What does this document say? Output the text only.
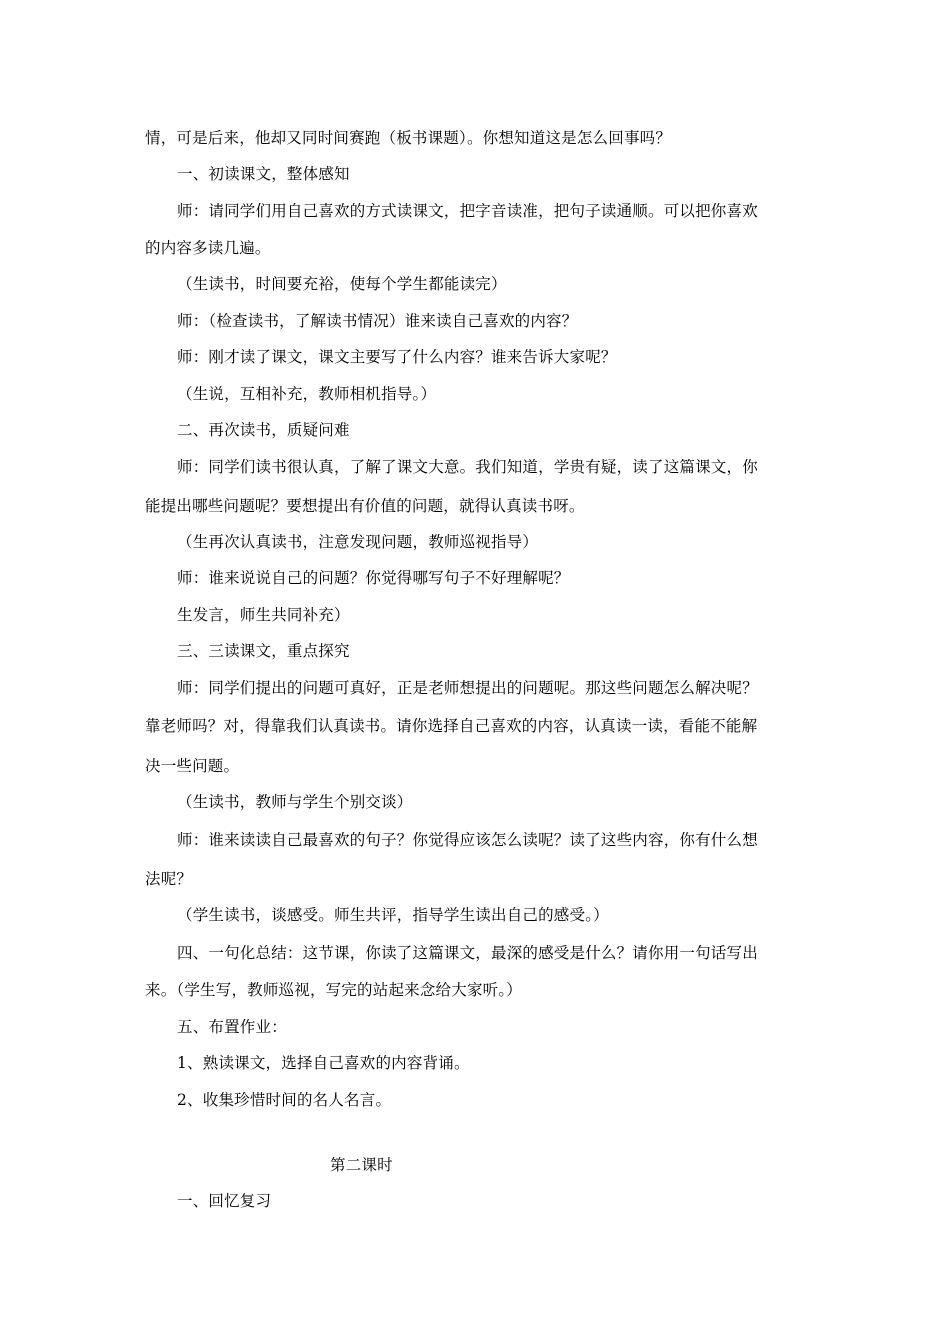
情，可是后来，他却又同时间赛跑（板书课题）。你想知道这是怎么回事吗？
一、初读课文，整体感知
师：请同学们用自己喜欢的方式读课文，把字音读准，把句子读通顺。可以把你喜欢
的内容多读几遍。
（生读书，时间要充裕，使每个学生都能读完）
师：（检查读书，了解读书情况）谁来读自己喜欢的内容？
师：刚才读了课文，课文主要写了什么内容？谁来告诉大家呢？
（生说，互相补充，教师相机指导。）
二、再次读书，质疑问难
师：同学们读书很认真，了解了课文大意。我们知道，学贵有疑，读了这篇课文，你
能提出哪些问题呢？要想提出有价值的问题，就得认真读书呀。
（生再次认真读书，注意发现问题，教师巡视指导）
师：谁来说说自己的问题？你觉得哪写句子不好理解呢？
生发言，师生共同补充）
三、三读课文，重点探究
师：同学们提出的问题可真好，正是老师想提出的问题呢。那这些问题怎么解决呢？
靠老师吗？对，得靠我们认真读书。请你选择自己喜欢的内容，认真读一读，看能不能解
决一些问题。
（生读书，教师与学生个别交谈）
师：谁来读读自己最喜欢的句子？你觉得应该怎么读呢？读了这些内容，你有什么想
法呢？
（学生读书，谈感受。师生共评，指导学生读出自己的感受。）
四、一句化总结：这节课，你读了这篇课文，最深的感受是什么？请你用一句话写出
来。（学生写，教师巡视，写完的站起来念给大家听。）
五、布置作业：
1、熟读课文，选择自己喜欢的内容背诵。
2、收集珍惜时间的名人名言。
第二课时
一、回忆复习
